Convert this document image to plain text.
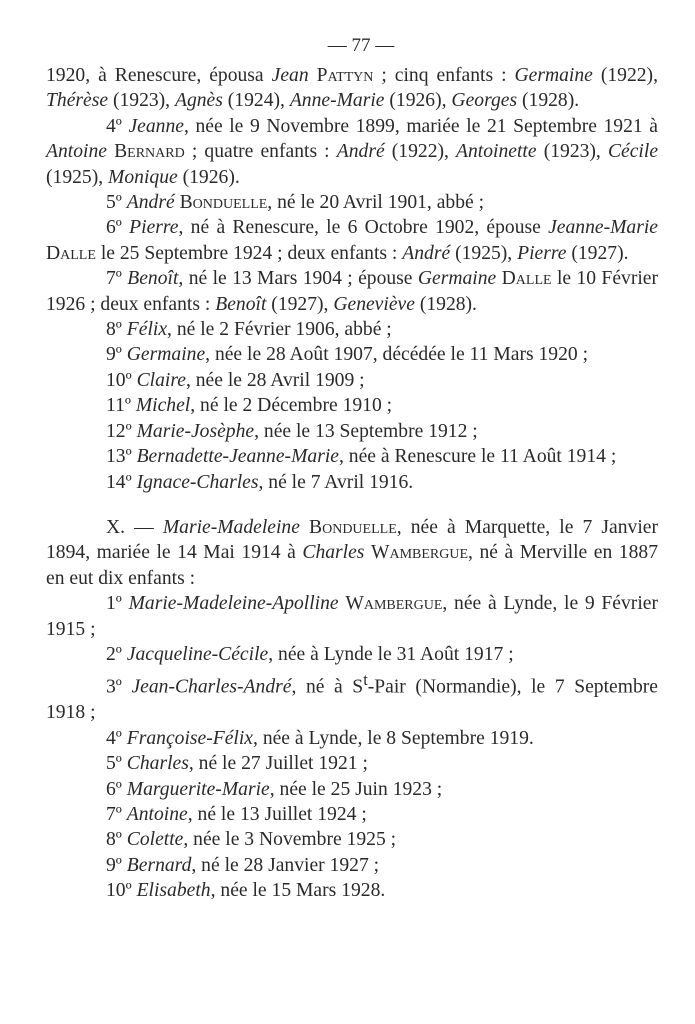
— 77 —

1920, à Renescure, épousa Jean Pattyn ; cinq enfants : Germaine (1922), Thérèse (1923), Agnès (1924), Anne-Marie (1926), Georges (1928).

4º Jeanne, née le 9 Novembre 1899, mariée le 21 Septembre 1921 à Antoine Bernard ; quatre enfants : André (1922), Antoinette (1923), Cécile (1925), Monique (1926).

5º André Bonduelle, né le 20 Avril 1901, abbé ;

6º Pierre, né à Renescure, le 6 Octobre 1902, épouse Jeanne-Marie Dalle le 25 Septembre 1924 ; deux enfants : André (1925), Pierre (1927).

7º Benoît, né le 13 Mars 1904 ; épouse Germaine Dalle le 10 Février 1926 ; deux enfants : Benoît (1927), Geneviève (1928).

8º Félix, né le 2 Février 1906, abbé ;

9º Germaine, née le 28 Août 1907, décédée le 11 Mars 1920 ;

10º Claire, née le 28 Avril 1909 ;

11º Michel, né le 2 Décembre 1910 ;

12º Marie-Josèphe, née le 13 Septembre 1912 ;

13º Bernadette-Jeanne-Marie, née à Renescure le 11 Août 1914 ;

14º Ignace-Charles, né le 7 Avril 1916.

X. — Marie-Madeleine Bonduelle, née à Marquette, le 7 Janvier 1894, mariée le 14 Mai 1914 à Charles Wambergue, né à Merville en 1887 en eut dix enfants :

1º Marie-Madeleine-Apolline Wambergue, née à Lynde, le 9 Février 1915 ;

2º Jacqueline-Cécile, née à Lynde le 31 Août 1917 ;

3º Jean-Charles-André, né à $S^t$-Pair (Normandie), le 7 Septembre 1918 ;

4º Françoise-Félix, née à Lynde, le 8 Septembre 1919.

5º Charles, né le 27 Juillet 1921 ;

6º Marguerite-Marie, née le 25 Juin 1923 ;

7º Antoine, né le 13 Juillet 1924 ;

8º Colette, née le 3 Novembre 1925 ;

9º Bernard, né le 28 Janvier 1927 ;

10º Elisabeth, née le 15 Mars 1928.
